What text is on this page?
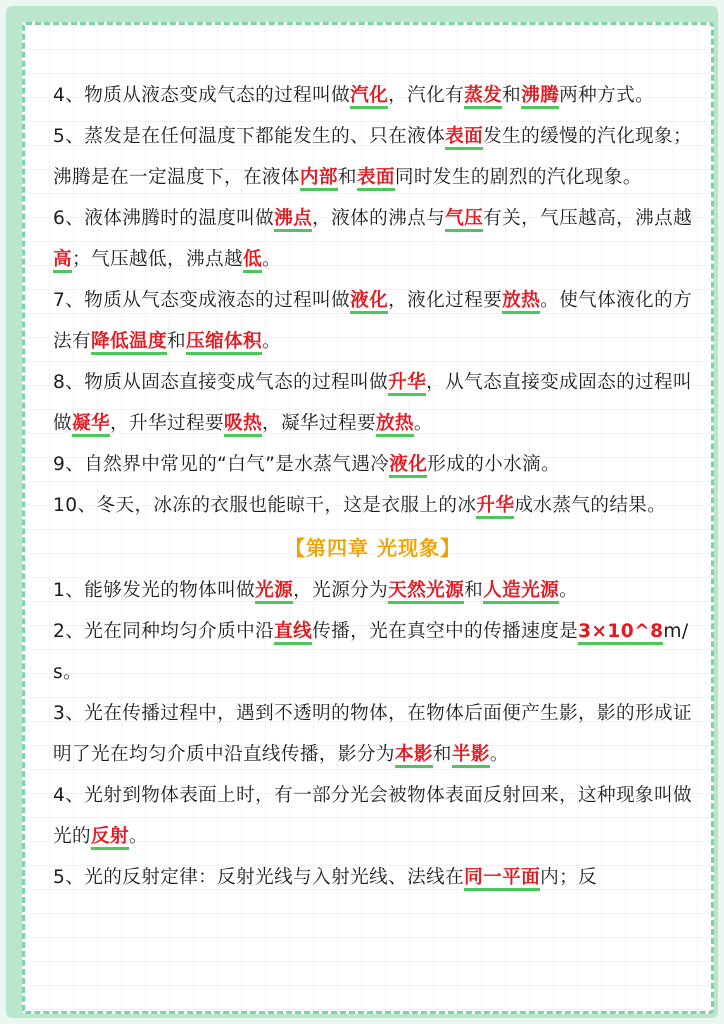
4、物质从液态变成气态的过程叫做汽化，汽化有蒸发和沸腾两种方式。

5、蒸发是在任何温度下都能发生的、只在液体表面发生的缓慢的汽化现象；沸腾是在一定温度下，在液体内部和表面同时发生的剧烈的汽化现象。

6、液体沸腾时的温度叫做沸点，液体的沸点与气压有关，气压越高，沸点越高；气压越低，沸点越低。

7、物质从气态变成液态的过程叫做液化，液化过程要放热。使气体液化的方法有降低温度和压缩体积。

8、物质从固态直接变成气态的过程叫做升华，从气态直接变成固态的过程叫做凝华，升华过程要吸热，凝华过程要放热。

9、自然界中常见的“白气”是水蒸气遇冷液化形成的小水滴。

10、冬天，冰冻的衣服也能晾干，这是衣服上的冰升华成水蒸气的结果。

【第四章 光现象】

1、能够发光的物体叫做光源，光源分为天然光源和人造光源。

2、光在同种均匀介质中沿直线传播，光在真空中的传播速度是3×10^8m/s。

3、光在传播过程中，遇到不透明的物体，在物体后面便产生影，影的形成证明了光在均匀介质中沿直线传播，影分为本影和半影。

4、光射到物体表面上时，有一部分光会被物体表面反射回来，这种现象叫做光的反射。

5、光的反射定律：反射光线与入射光线、法线在同一平面内；反
